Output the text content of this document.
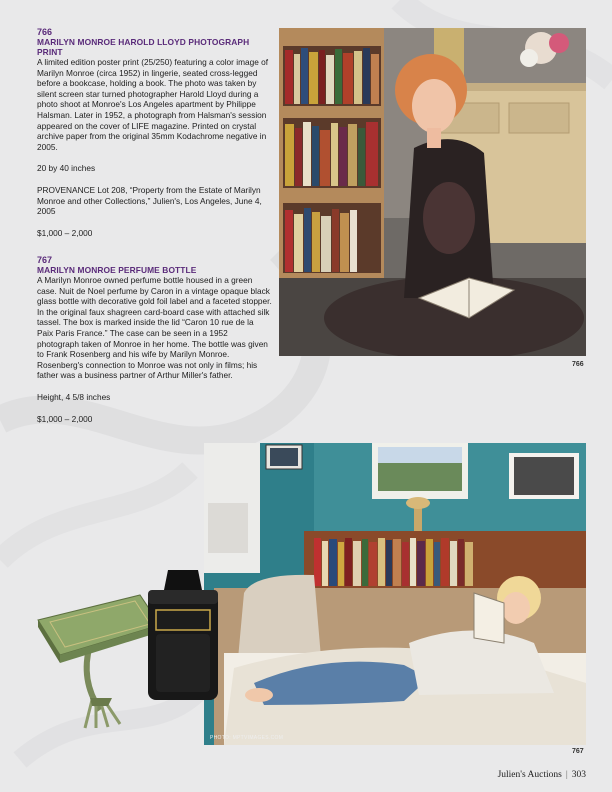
766
MARILYN MONROE HAROLD LLOYD PHOTOGRAPH PRINT

A limited edition poster print (25/250) featuring a color image of Marilyn Monroe (circa 1952) in lingerie, seated cross-legged before a bookcase, holding a book. The photo was taken by silent screen star turned photographer Harold Lloyd during a photo shoot at Monroe's Los Angeles apartment by Philippe Halsman. Later in 1952, a photograph from Halsman's session appeared on the cover of LIFE magazine. Printed on crystal archive paper from the original 35mm Kodachrome negative in 2005.

20 by 40 inches

PROVENANCE Lot 208, “Property from the Estate of Marilyn Monroe and other Collections,” Julien's, Los Angeles, June 4, 2005

$1,000 – 2,000

767
MARILYN MONROE PERFUME BOTTLE

A Marilyn Monroe owned perfume bottle housed in a green case. Nuit de Noel perfume by Caron in a vintage opaque black glass bottle with decorative gold foil label and a faceted stopper. In the original faux shagreen card-board case with attached silk tassel. The box is marked inside the lid “Caron 10 rue de la Paix Paris France.” The case can be seen in a 1952 photograph taken of Monroe in her home. The bottle was given to Frank Rosenberg and his wife by Marilyn Monroe. Rosenberg's connection to Monroe was not only in films; his father was a business partner of Arthur Miller's father.

Height, 4 5/8 inches

$1,000 – 2,000

766
PHOTO: MPTVIMAGES.COM
767
Julien's Auctions | 303
